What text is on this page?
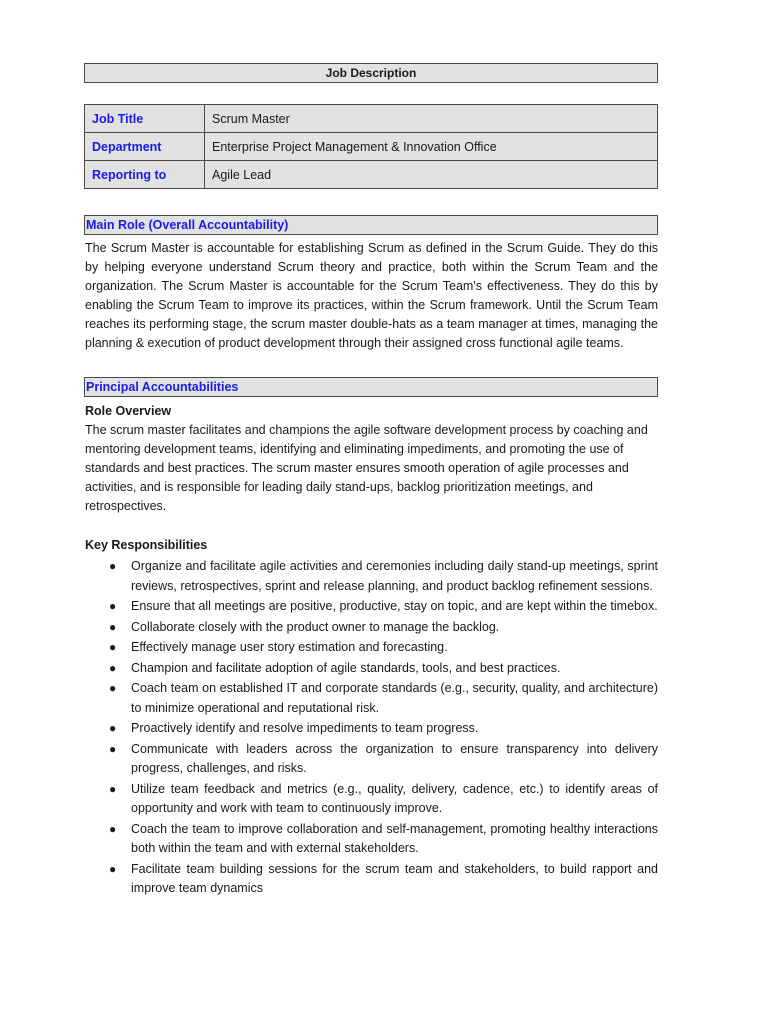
Job Description
Job Title	Scrum Master
Department	Enterprise Project Management & Innovation Office
Reporting to	Agile Lead
Main Role (Overall Accountability)

The Scrum Master is accountable for establishing Scrum as defined in the Scrum Guide. They do this by helping everyone understand Scrum theory and practice, both within the Scrum Team and the organization. The Scrum Master is accountable for the Scrum Team's effectiveness. They do this by enabling the Scrum Team to improve its practices, within the Scrum framework. Until the Scrum Team reaches its performing stage, the scrum master double-hats as a team manager at times, managing the planning & execution of product development through their assigned cross functional agile teams.

Principal Accountabilities
Role Overview

The scrum master facilitates and champions the agile software development process by coaching and mentoring development teams, identifying and eliminating impediments, and promoting the use of standards and best practices. The scrum master ensures smooth operation of agile processes and activities, and is responsible for leading daily stand-ups, backlog prioritization meetings, and retrospectives.

Key Responsibilities
● Organize and facilitate agile activities and ceremonies including daily stand-up meetings, sprint reviews, retrospectives, sprint and release planning, and product backlog refinement sessions.
● Ensure that all meetings are positive, productive, stay on topic, and are kept within the timebox.
● Collaborate closely with the product owner to manage the backlog.
● Effectively manage user story estimation and forecasting.
● Champion and facilitate adoption of agile standards, tools, and best practices.
● Coach team on established IT and corporate standards (e.g., security, quality, and architecture) to minimize operational and reputational risk.
● Proactively identify and resolve impediments to team progress.
● Communicate with leaders across the organization to ensure transparency into delivery progress, challenges, and risks.
● Utilize team feedback and metrics (e.g., quality, delivery, cadence, etc.) to identify areas of opportunity and work with team to continuously improve.
● Coach the team to improve collaboration and self-management, promoting healthy interactions both within the team and with external stakeholders.
● Facilitate team building sessions for the scrum team and stakeholders, to build rapport and improve team dynamics
